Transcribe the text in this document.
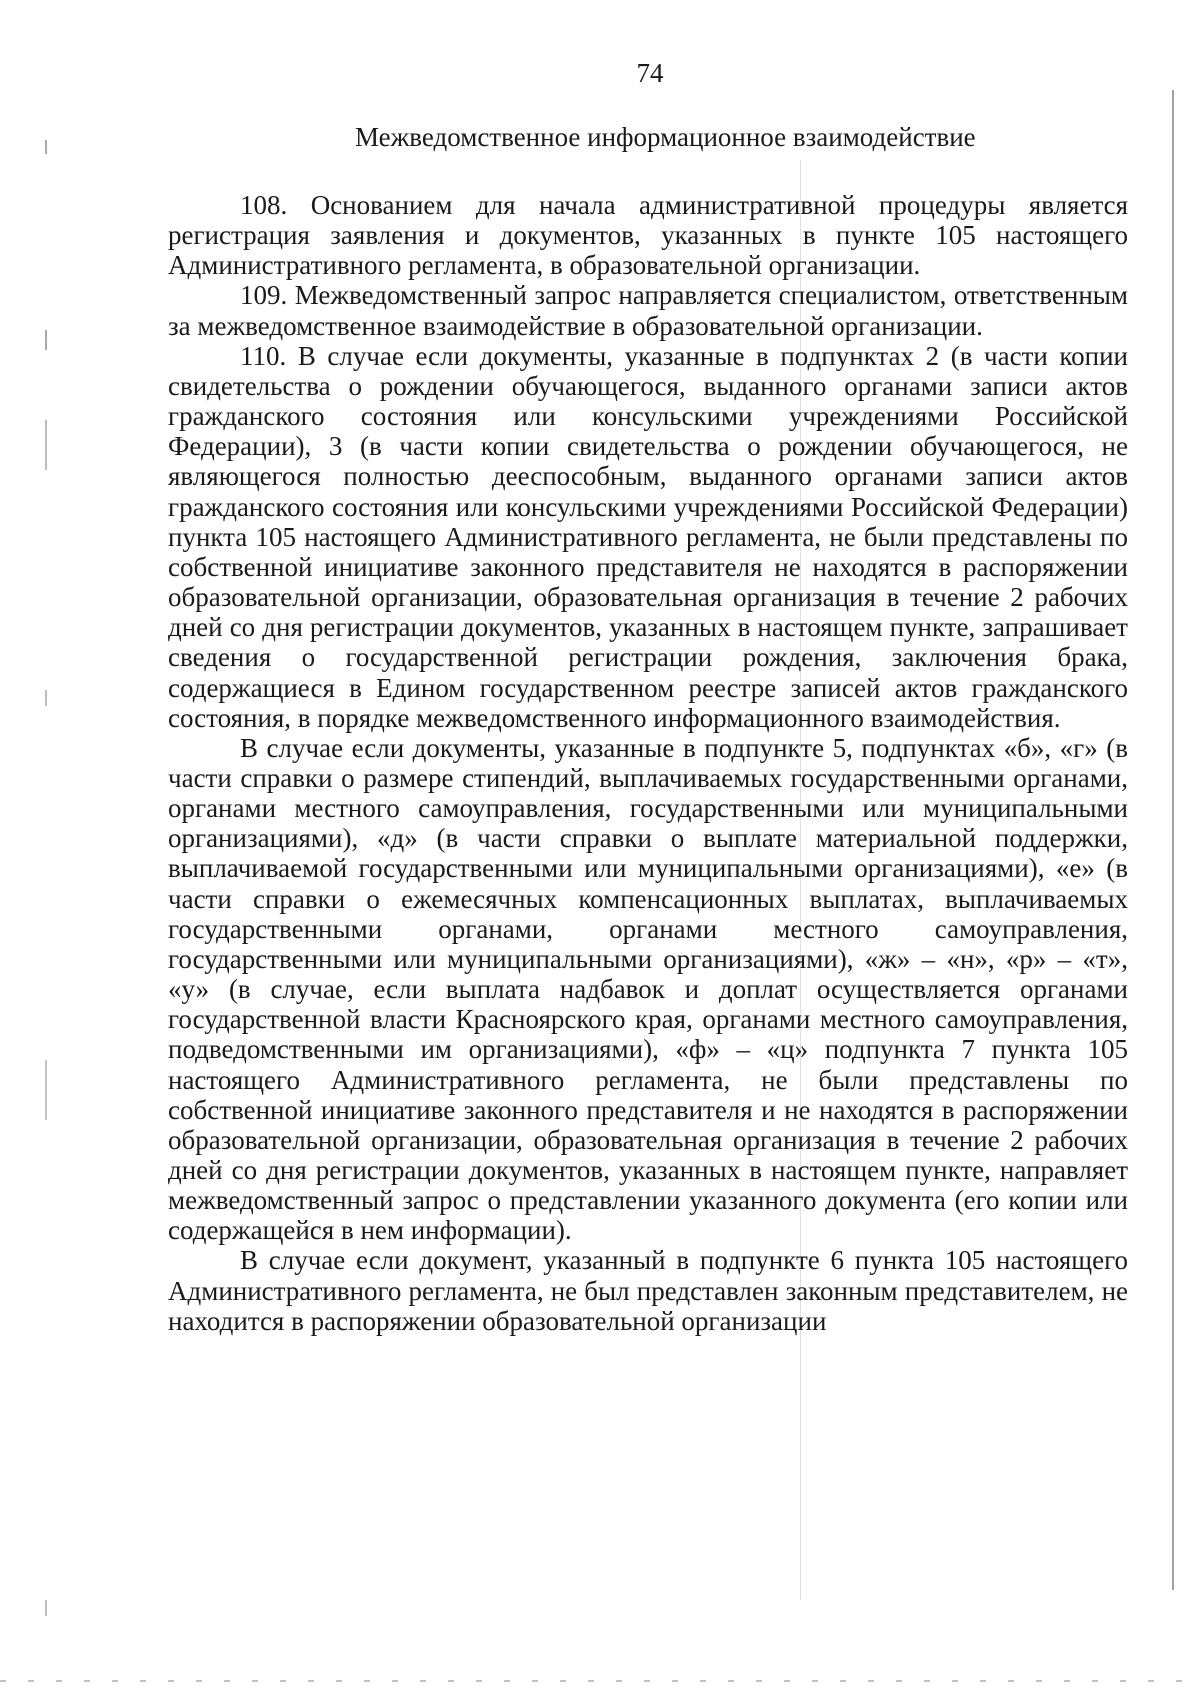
74
Межведомственное информационное взаимодействие

108. Основанием для начала административной процедуры является регистрация заявления и документов, указанных в пункте 105 настоящего Административного регламента, в образовательной организации.

109. Межведомственный запрос направляется специалистом, ответственным за межведомственное взаимодействие в образовательной организации.

110. В случае если документы, указанные в подпунктах 2 (в части копии свидетельства о рождении обучающегося, выданного органами записи актов гражданского состояния или консульскими учреждениями Российской Федерации), 3 (в части копии свидетельства о рождении обучающегося, не являющегося полностью дееспособным, выданного органами записи актов гражданского состояния или консульскими учреждениями Российской Федерации) пункта 105 настоящего Административного регламента, не были представлены по собственной инициативе законного представителя не находятся в распоряжении образовательной организации, образовательная организация в течение 2 рабочих дней со дня регистрации документов, указанных в настоящем пункте, запрашивает сведения о государственной регистрации рождения, заключения брака, содержащиеся в Едином государственном реестре записей актов гражданского состояния, в порядке межведомственного информационного взаимодействия.

В случае если документы, указанные в подпункте 5, подпунктах «б», «г» (в части справки о размере стипендий, выплачиваемых государственными органами, органами местного самоуправления, государственными или муниципальными организациями), «д» (в части справки о выплате материальной поддержки, выплачиваемой государственными или муниципальными организациями), «е» (в части справки о ежемесячных компенсационных выплатах, выплачиваемых государственными органами, органами местного самоуправления, государственными или муниципальными организациями), «ж» – «н», «р» – «т», «у» (в случае, если выплата надбавок и доплат осуществляется органами государственной власти Красноярского края, органами местного самоуправления, подведомственными им организациями), «ф» – «ц» подпункта 7 пункта 105 настоящего Административного регламента, не были представлены по собственной инициативе законного представителя и не находятся в распоряжении образовательной организации, образовательная организация в течение 2 рабочих дней со дня регистрации документов, указанных в настоящем пункте, направляет межведомственный запрос о представлении указанного документа (его копии или содержащейся в нем информации).

В случае если документ, указанный в подпункте 6 пункта 105 настоящего Административного регламента, не был представлен законным представителем, не находится в распоряжении образовательной организации
